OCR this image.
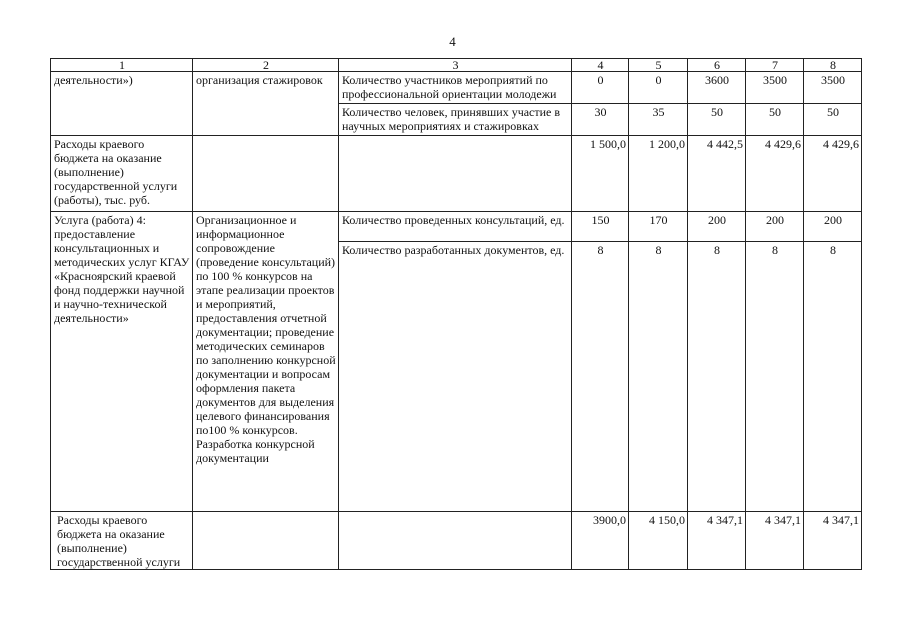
4
1	2	3	4	5	6	7	8
деятельности»)	организация стажировок	Количество участников мероприятий по профессиональной ориентации молодежи	0	0	3600	3500	3500
		Количество человек, принявших участие в научных мероприятиях и стажировках	30	35	50	50	50
Расходы краевого бюджета на оказание (выполнение) государственной услуги (работы), тыс. руб.			1 500,0	1 200,0	4 442,5	4 429,6	4 429,6
Услуга (работа) 4: предоставление консультационных и методических услуг КГАУ «Красноярский краевой фонд поддержки научной и научно-технической деятельности»	Организационное и информационное сопровождение (проведение консультаций) по 100 % конкурсов на этапе реализации проектов и мероприятий, предоставления отчетной документации; проведение методических семинаров по заполнению конкурсной документации и вопросам оформления пакета документов для выделения целевого финансирования по100 % конкурсов. Разработка конкурсной документации	Количество проведенных консультаций, ед.	150	170	200	200	200
		Количество разработанных документов, ед.	8	8	8	8	8
Расходы краевого бюджета на оказание (выполнение) государственной услуги			3900,0	4 150,0	4 347,1	4 347,1	4 347,1
